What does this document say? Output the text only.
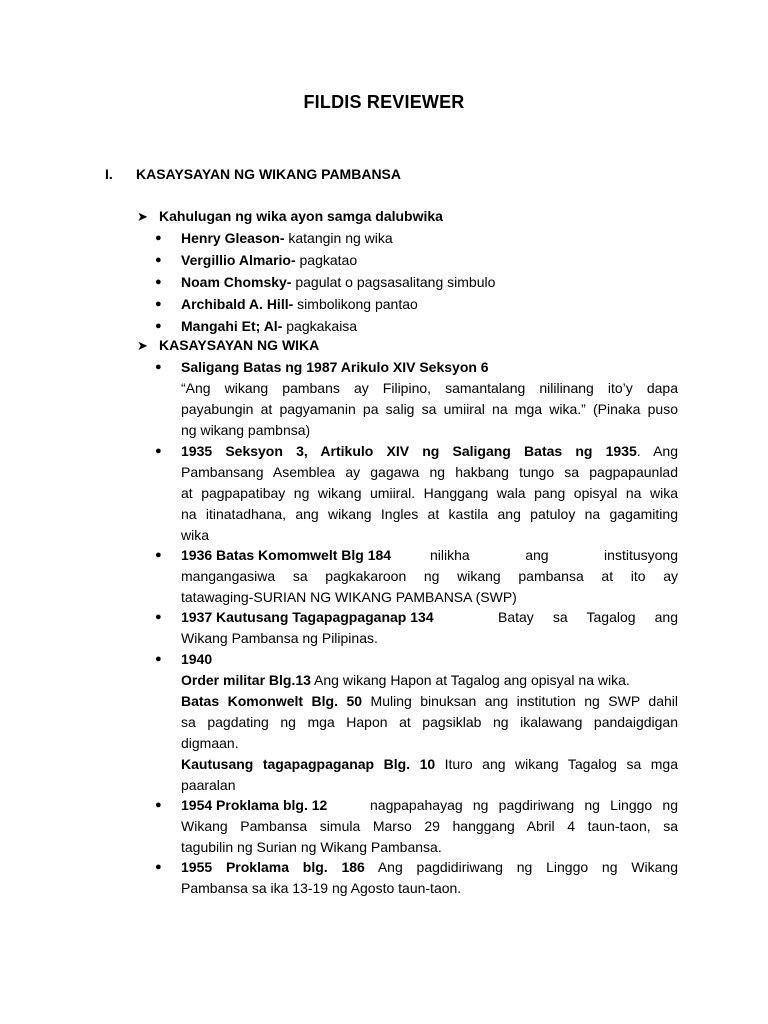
FILDIS REVIEWER
I. KASAYSAYAN NG WIKANG PAMBANSA
➤ Kahulugan ng wika ayon samga dalubwika
●	Henry Gleason- katangin ng wika
●	Vergillio Almario- pagkatao
●	Noam Chomsky- pagulat o pagsasalitang simbulo
●	Archibald A. Hill- simbolikong pantao
●	Mangahi Et; Al- pagkakaisa
➤ KASAYSAYAN NG WIKA
●	Saligang Batas ng 1987 Arikulo XIV Seksyon 6
“Ang wikang pambans ay Filipino, samantalang nililinang ito’y dapa
payabungin at pagyamanin pa salig sa umiiral na mga wika.” (Pinaka puso
ng wikang pambnsa)
●	1935 Seksyon 3, Artikulo XIV ng Saligang Batas ng 1935. Ang
Pambansang Asemblea ay gagawa ng hakbang tungo sa pagpapaunlad
at pagpapatibay ng wikang umiiral. Hanggang wala pang opisyal na wika
na itinatadhana, ang wikang Ingles at kastila ang patuloy na gagamiting
wika
●	1936 Batas Komomwelt Blg 184	nilikha ang institusyong
mangangasiwa sa pagkakaroon ng wikang pambansa at ito ay
tatawaging-SURIAN NG WIKANG PAMBANSA (SWP)
●	1937 Kautusang Tagapagpaganap 134	Batay sa Tagalog ang
Wikang Pambansa ng Pilipinas.
●	1940
Order militar Blg.13 Ang wikang Hapon at Tagalog ang opisyal na wika.
Batas Komonwelt Blg. 50 Muling binuksan ang institution ng SWP dahil
sa pagdating ng mga Hapon at pagsiklab ng ikalawang pandaigdigan
digmaan.
Kautusang tagapagpaganap Blg. 10 Ituro ang wikang Tagalog sa mga
paaralan
●	1954 Proklama blg. 12	nagpapahayag ng pagdiriwang ng Linggo ng
Wikang Pambansa simula Marso 29 hanggang Abril 4 taun-taon, sa
tagubilin ng Surian ng Wikang Pambansa.
●	1955 Proklama blg. 186 Ang pagdidiriwang ng Linggo ng Wikang
Pambansa sa ika 13-19 ng Agosto taun-taon.
